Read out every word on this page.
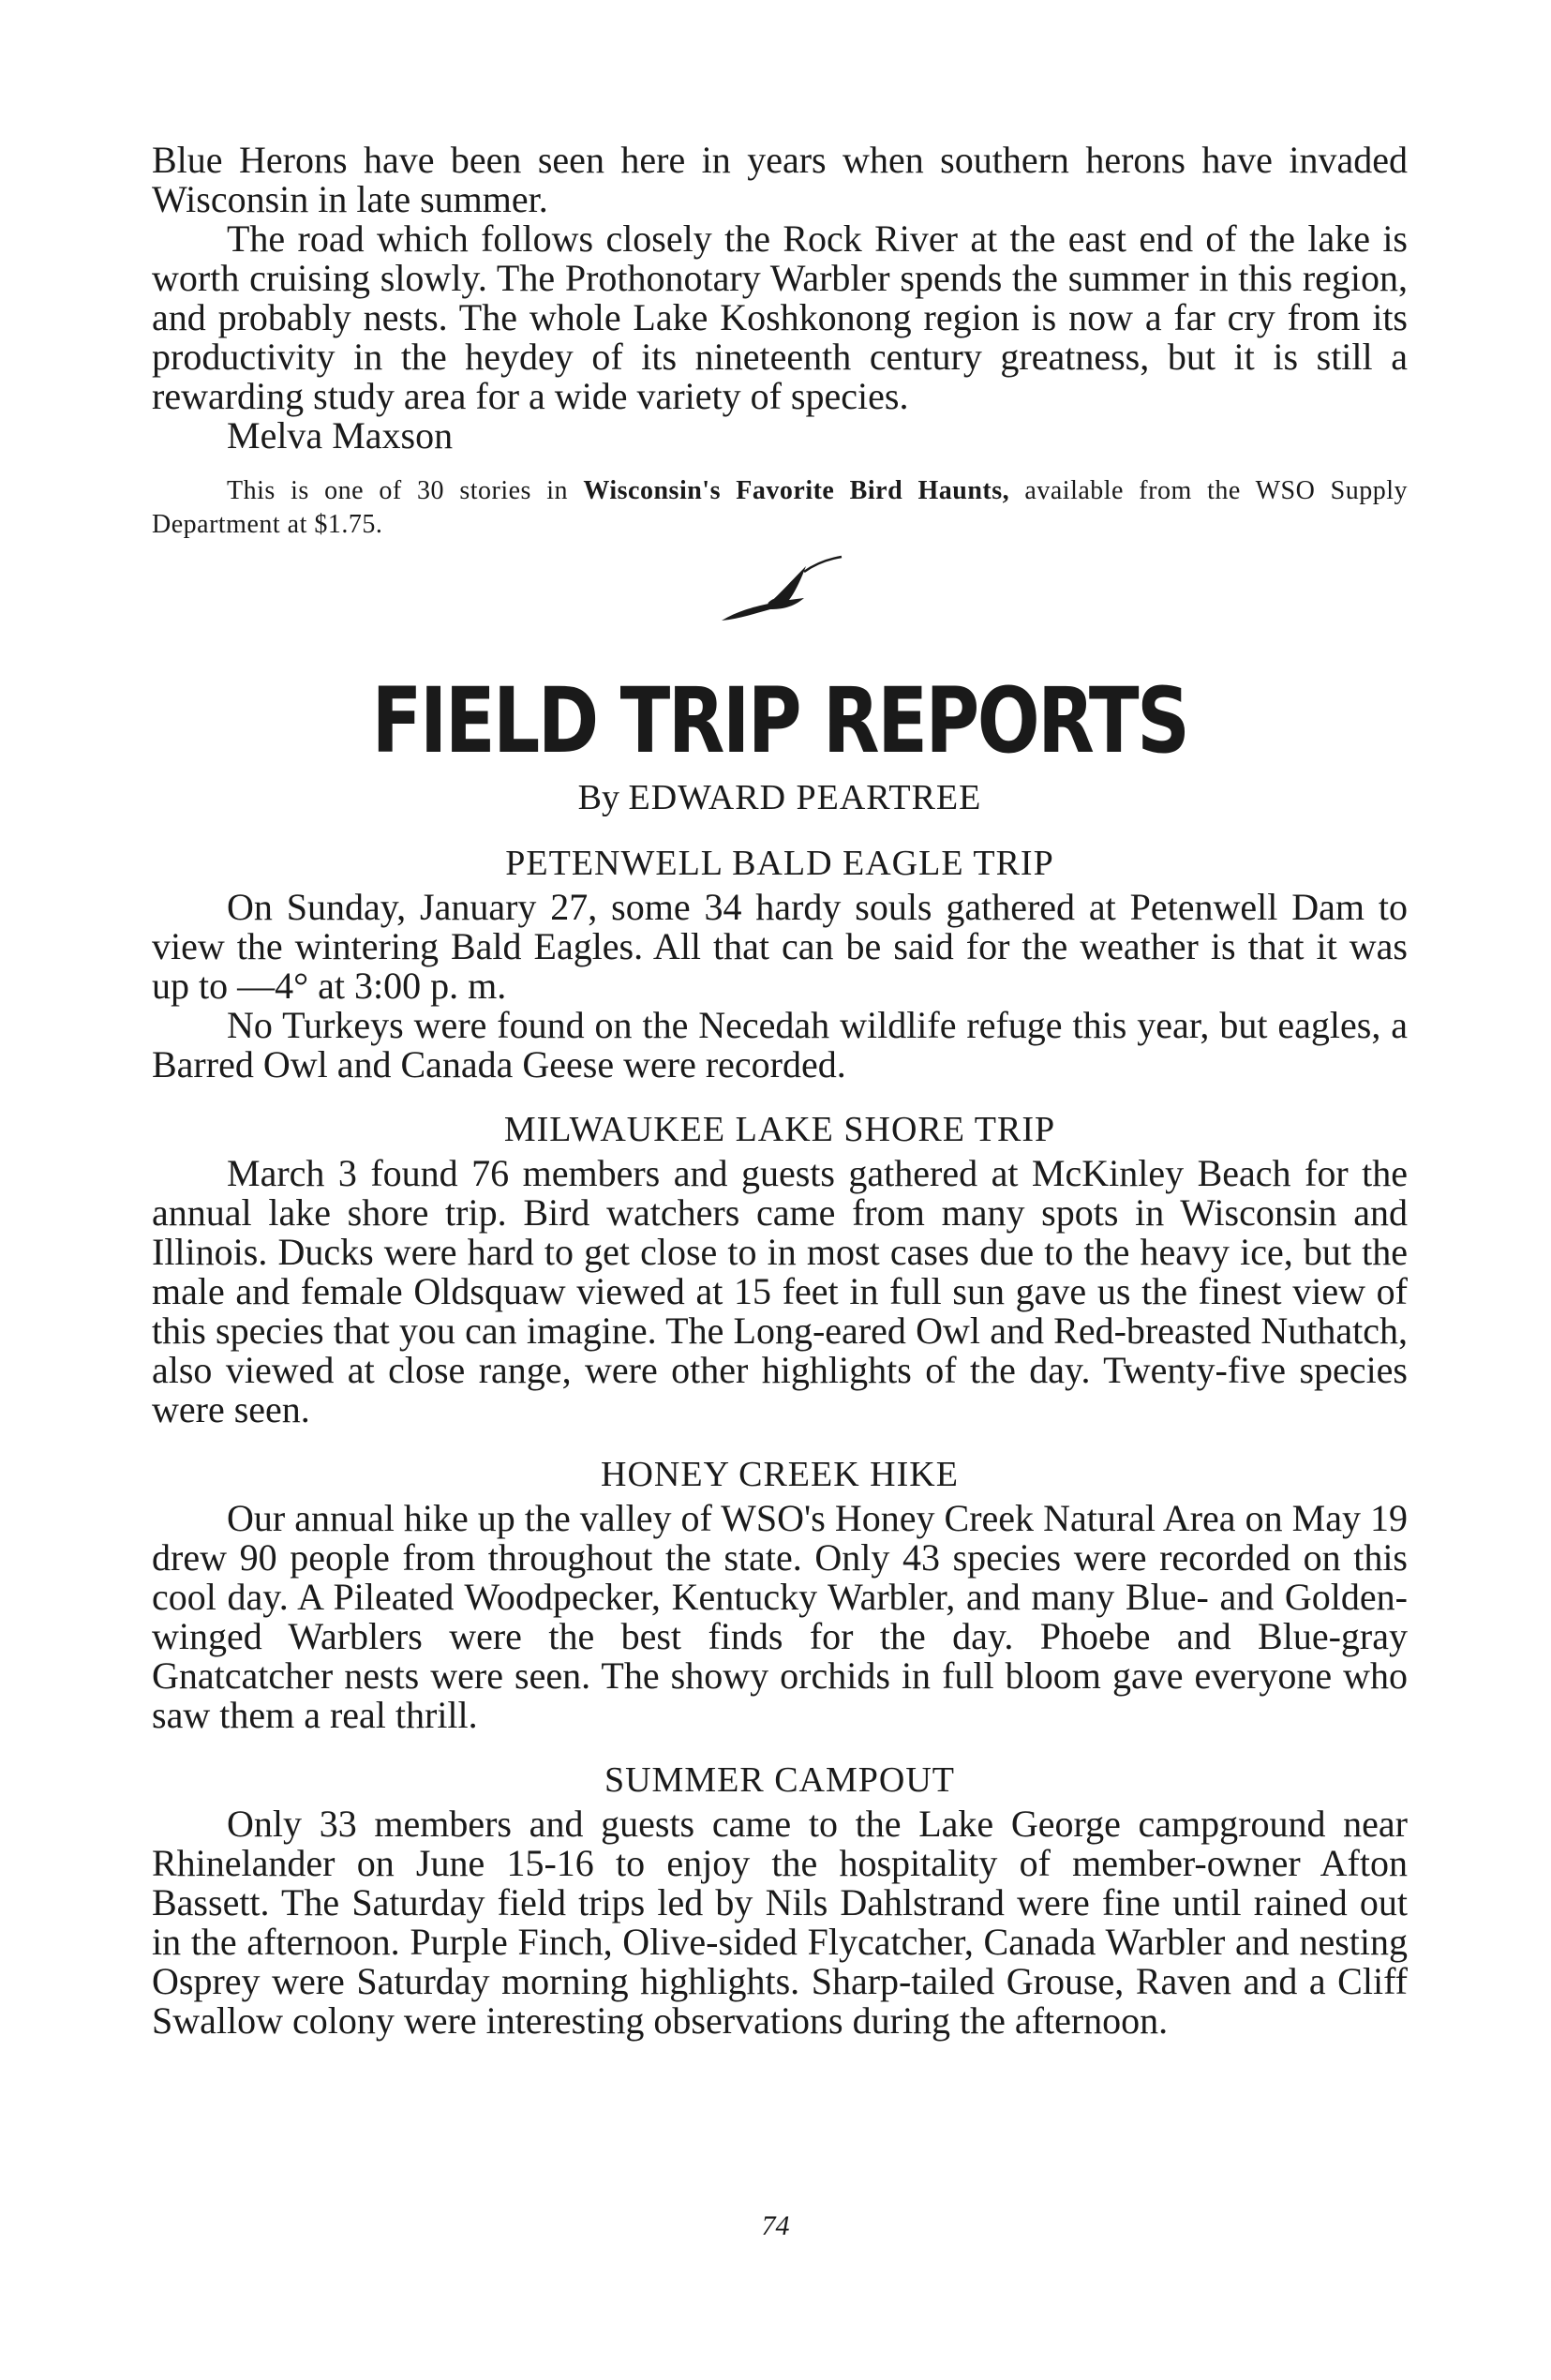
Blue Herons have been seen here in years when southern herons have invaded Wisconsin in late summer.

The road which follows closely the Rock River at the east end of the lake is worth cruising slowly. The Prothonotary Warbler spends the summer in this region, and probably nests. The whole Lake Koshkonong region is now a far cry from its productivity in the heydey of its nineteenth century greatness, but it is still a rewarding study area for a wide variety of species.

Melva Maxson

This is one of 30 stories in Wisconsin's Favorite Bird Haunts, available from the WSO Supply Department at $1.75.

FIELD TRIP REPORTS
By EDWARD PEARTREE
PETENWELL BALD EAGLE TRIP

On Sunday, January 27, some 34 hardy souls gathered at Petenwell Dam to view the wintering Bald Eagles. All that can be said for the weather is that it was up to —4° at 3:00 p. m.

No Turkeys were found on the Necedah wildlife refuge this year, but eagles, a Barred Owl and Canada Geese were recorded.

MILWAUKEE LAKE SHORE TRIP

March 3 found 76 members and guests gathered at McKinley Beach for the annual lake shore trip. Bird watchers came from many spots in Wisconsin and Illinois. Ducks were hard to get close to in most cases due to the heavy ice, but the male and female Oldsquaw viewed at 15 feet in full sun gave us the finest view of this species that you can imagine. The Long-eared Owl and Red-breasted Nuthatch, also viewed at close range, were other highlights of the day. Twenty-five species were seen.

HONEY CREEK HIKE

Our annual hike up the valley of WSO's Honey Creek Natural Area on May 19 drew 90 people from throughout the state. Only 43 species were recorded on this cool day. A Pileated Woodpecker, Kentucky Warbler, and many Blue- and Golden-winged Warblers were the best finds for the day. Phoebe and Blue-gray Gnatcatcher nests were seen. The showy orchids in full bloom gave everyone who saw them a real thrill.

SUMMER CAMPOUT

Only 33 members and guests came to the Lake George campground near Rhinelander on June 15-16 to enjoy the hospitality of member-owner Afton Bassett. The Saturday field trips led by Nils Dahlstrand were fine until rained out in the afternoon. Purple Finch, Olive-sided Flycatcher, Canada Warbler and nesting Osprey were Saturday morning highlights. Sharp-tailed Grouse, Raven and a Cliff Swallow colony were interesting observations during the afternoon.

74
